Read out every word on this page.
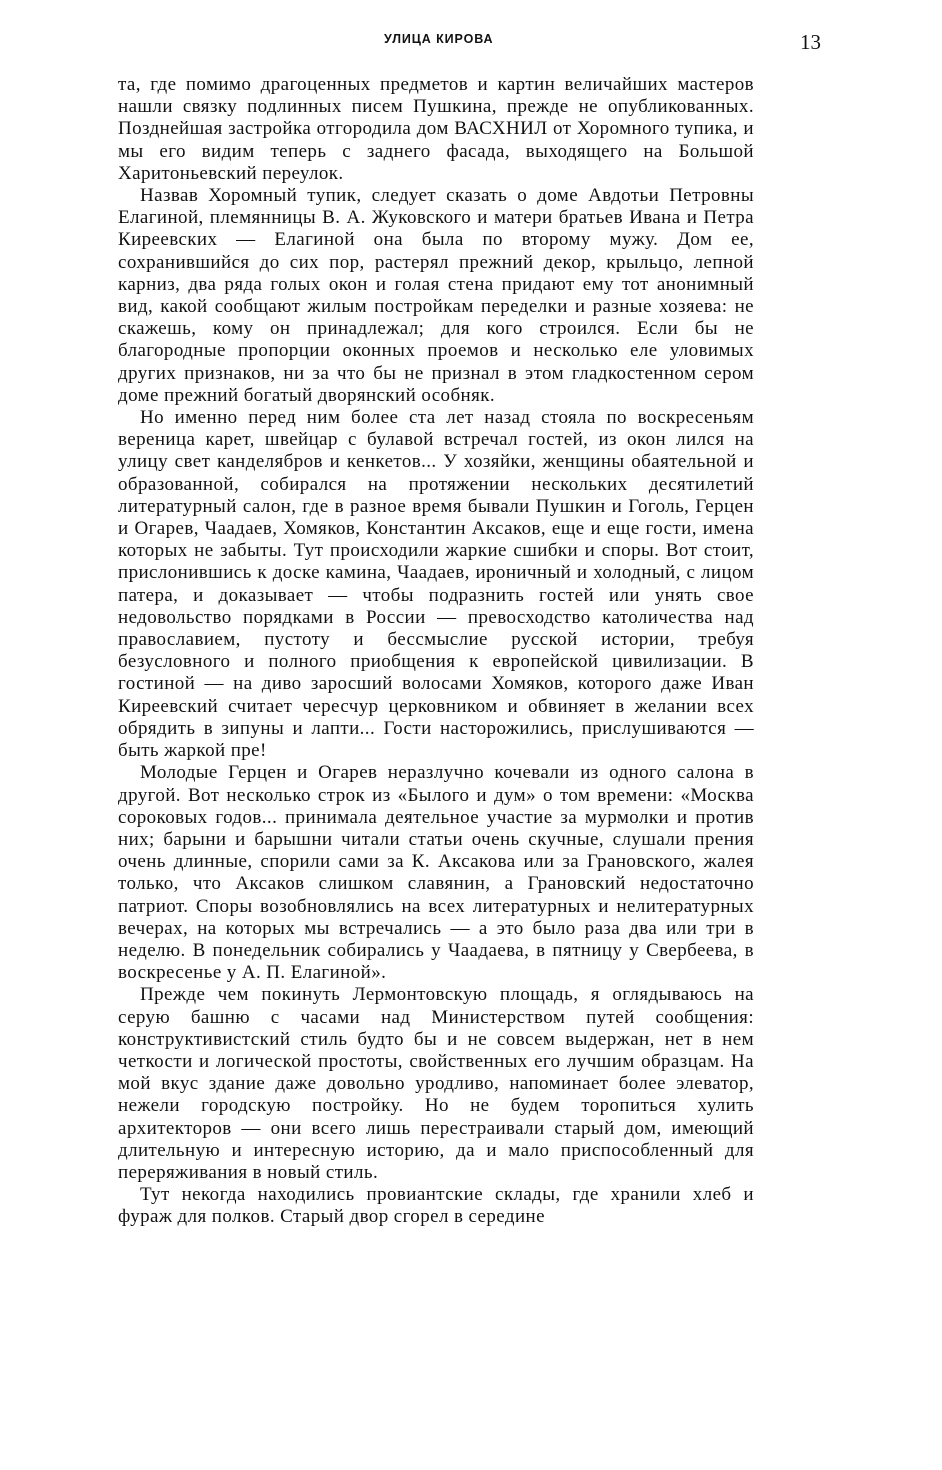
УЛИЦА КИРОВА	13

та, где помимо драгоценных предметов и картин величайших мастеров нашли связку подлинных писем Пушкина, прежде не опубликованных. Позднейшая застройка отгородила дом ВАСХНИЛ от Хоромного тупика, и мы его видим теперь с заднего фасада, выходящего на Большой Харитоньевский переулок.

Назвав Хоромный тупик, следует сказать о доме Авдотьи Петровны Елагиной, племянницы В. А. Жуковского и матери братьев Ивана и Петра Киреевских — Елагиной она была по второму мужу. Дом ее, сохранившийся до сих пор, растерял прежний декор, крыльцо, лепной карниз, два ряда голых окон и голая стена придают ему тот анонимный вид, какой сообщают жилым постройкам переделки и разные хозяева: не скажешь, кому он принадлежал; для кого строился. Если бы не благородные пропорции оконных проемов и несколько еле уловимых других признаков, ни за что бы не признал в этом гладкостенном сером доме прежний богатый дворянский особняк.

Но именно перед ним более ста лет назад стояла по воскресеньям вереница карет, швейцар с булавой встречал гостей, из окон лился на улицу свет канделябров и кенкетов... У хозяйки, женщины обаятельной и образованной, собирался на протяжении нескольких десятилетий литературный салон, где в разное время бывали Пушкин и Гоголь, Герцен и Огарев, Чаадаев, Хомяков, Константин Аксаков, еще и еще гости, имена которых не забыты. Тут происходили жаркие сшибки и споры. Вот стоит, прислонившись к доске камина, Чаадаев, ироничный и холодный, с лицом патера, и доказывает — чтобы подразнить гостей или унять свое недовольство порядками в России — превосходство католичества над православием, пустоту и бессмыслие русской истории, требуя безусловного и полного приобщения к европейской цивилизации. В гостиной — на диво заросший волосами Хомяков, которого даже Иван Киреевский считает чересчур церковником и обвиняет в желании всех обрядить в зипуны и лапти... Гости насторожились, прислушиваются — быть жаркой пре!

Молодые Герцен и Огарев неразлучно кочевали из одного салона в другой. Вот несколько строк из «Былого и дум» о том времени: «Москва сороковых годов... принимала деятельное участие за мурмолки и против них; барыни и барышни читали статьи очень скучные, слушали прения очень длинные, спорили сами за К. Аксакова или за Грановского, жалея только, что Аксаков слишком славянин, а Грановский недостаточно патриот. Споры возобновлялись на всех литературных и нелитературных вечерах, на которых мы встречались — а это было раза два или три в неделю. В понедельник собирались у Чаадаева, в пятницу у Свербеева, в воскресенье у А. П. Елагиной».

Прежде чем покинуть Лермонтовскую площадь, я оглядываюсь на серую башню с часами над Министерством путей сообщения: конструктивистский стиль будто бы и не совсем выдержан, нет в нем четкости и логической простоты, свойственных его лучшим образцам. На мой вкус здание даже довольно уродливо, напоминает более элеватор, нежели городскую постройку. Но не будем торопиться хулить архитекторов — они всего лишь перестраивали старый дом, имеющий длительную и интересную историю, да и мало приспособленный для переряживания в новый стиль.

Тут некогда находились провиантские склады, где хранили хлеб и фураж для полков. Старый двор сгорел в середине
